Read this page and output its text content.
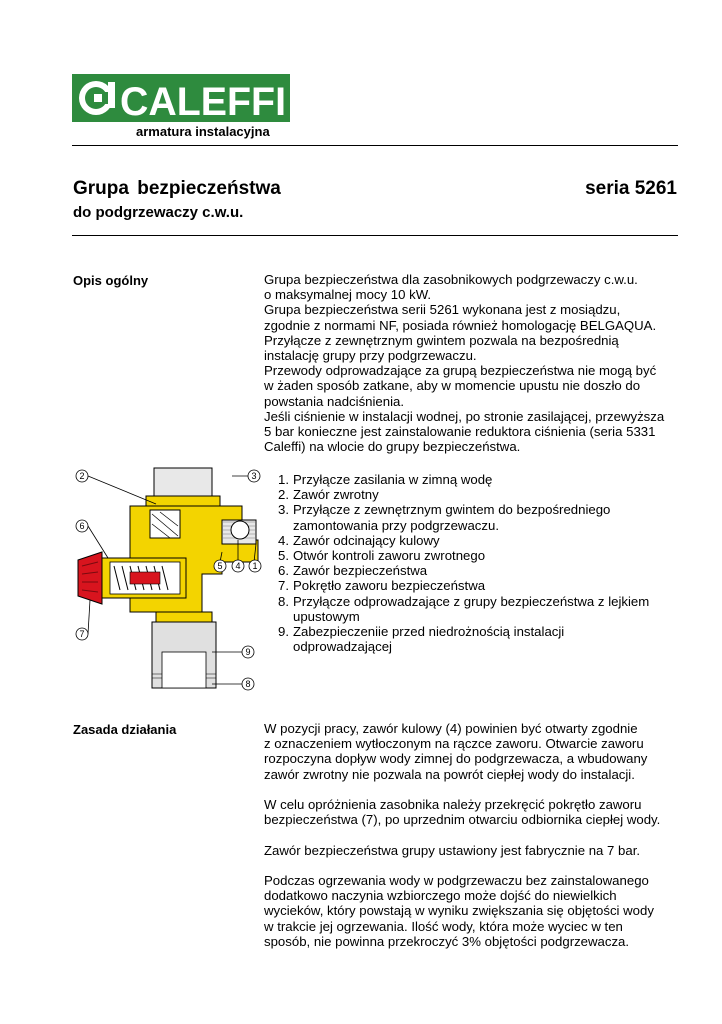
CALEFFI
armatura instalacyjna
Grupa bezpieczeństwa	seria 5261
do podgrzewaczy c.w.u.
Opis ogólny	Grupa bezpieczeństwa dla zasobnikowych podgrzewaczy c.w.u.
o maksymalnej mocy 10 kW.
Grupa bezpieczeństwa serii 5261 wykonana jest z mosiądzu,
zgodnie z normami NF, posiada również homologację BELGAQUA.
Przyłącze z zewnętrznym gwintem pozwala na bezpośrednią
instalację grupy przy podgrzewaczu.
Przewody odprowadzające za grupą bezpieczeństwa nie mogą być
w żaden sposób zatkane, aby w momencie upustu nie doszło do
powstania nadciśnienia.
Jeśli ciśnienie w instalacji wodnej, po stronie zasilającej, przewyższa
5 bar konieczne jest zainstalowanie reduktora ciśnienia (seria 5331
Caleffi) na wlocie do grupy bezpieczeństwa.
2	3
6
7
9
8
5 4 1
1. Przyłącze zasilania w zimną wodę
2. Zawór zwrotny
3. Przyłącze z zewnętrznym gwintem do bezpośredniego
zamontowania przy podgrzewaczu.
4. Zawór odcinający kulowy
5. Otwór kontroli zaworu zwrotnego
6. Zawór bezpieczeństwa
7. Pokrętło zaworu bezpieczeństwa
8. Przyłącze odprowadzające z grupy bezpieczeństwa z lejkiem
upustowym
9. Zabezpieczeniie przed niedrożnością instalacji
odprowadzającej
Zasada działania	W pozycji pracy, zawór kulowy (4) powinien być otwarty zgodnie
z oznaczeniem wytłoczonym na rączce zaworu. Otwarcie zaworu
rozpoczyna dopływ wody zimnej do podgrzewacza, a wbudowany
zawór zwrotny nie pozwala na powrót ciepłej wody do instalacji.
W celu opróżnienia zasobnika należy przekręcić pokrętło zaworu
bezpieczeństwa (7), po uprzednim otwarciu odbiornika ciepłej wody.
Zawór bezpieczeństwa grupy ustawiony jest fabrycznie na 7 bar.
Podczas ogrzewania wody w podgrzewaczu bez zainstalowanego
dodatkowo naczynia wzbiorczego może dojść do niewielkich
wycieków, który powstają w wyniku zwiększania się objętości wody
w trakcie jej ogrzewania. Ilość wody, która może wyciec w ten
sposób, nie powinna przekroczyć 3% objętości podgrzewacza.
